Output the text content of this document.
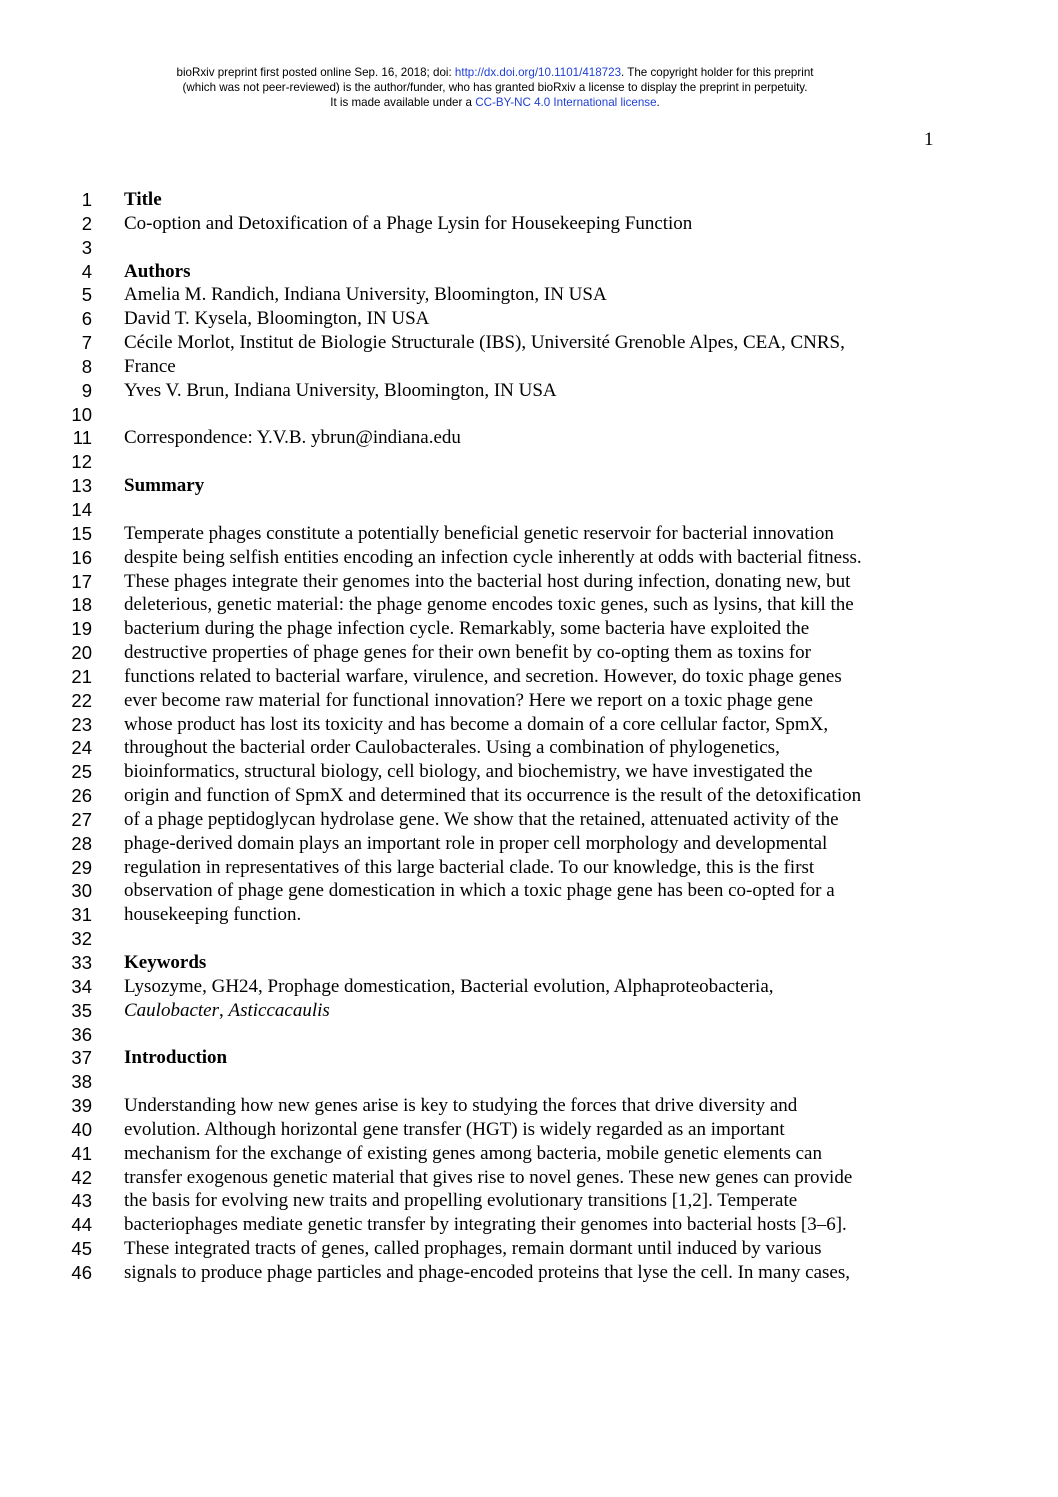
bioRxiv preprint first posted online Sep. 16, 2018; doi: http://dx.doi.org/10.1101/418723. The copyright holder for this preprint
(which was not peer-reviewed) is the author/funder, who has granted bioRxiv a license to display the preprint in perpetuity.
It is made available under a CC-BY-NC 4.0 International license.
1
1 Title
2 Co-option and Detoxification of a Phage Lysin for Housekeeping Function
3
4 Authors
5 Amelia M. Randich, Indiana University, Bloomington, IN USA
6 David T. Kysela, Bloomington, IN USA
7 Cécile Morlot, Institut de Biologie Structurale (IBS), Université Grenoble Alpes, CEA, CNRS,
8 France
9 Yves V. Brun, Indiana University, Bloomington, IN USA
10
11 Correspondence: Y.V.B. ybrun@indiana.edu
12
13 Summary
14
15 Temperate phages constitute a potentially beneficial genetic reservoir for bacterial innovation
16 despite being selfish entities encoding an infection cycle inherently at odds with bacterial fitness.
17 These phages integrate their genomes into the bacterial host during infection, donating new, but
18 deleterious, genetic material: the phage genome encodes toxic genes, such as lysins, that kill the
19 bacterium during the phage infection cycle. Remarkably, some bacteria have exploited the
20 destructive properties of phage genes for their own benefit by co-opting them as toxins for
21 functions related to bacterial warfare, virulence, and secretion. However, do toxic phage genes
22 ever become raw material for functional innovation? Here we report on a toxic phage gene
23 whose product has lost its toxicity and has become a domain of a core cellular factor, SpmX,
24 throughout the bacterial order Caulobacterales. Using a combination of phylogenetics,
25 bioinformatics, structural biology, cell biology, and biochemistry, we have investigated the
26 origin and function of SpmX and determined that its occurrence is the result of the detoxification
27 of a phage peptidoglycan hydrolase gene. We show that the retained, attenuated activity of the
28 phage-derived domain plays an important role in proper cell morphology and developmental
29 regulation in representatives of this large bacterial clade. To our knowledge, this is the first
30 observation of phage gene domestication in which a toxic phage gene has been co-opted for a
31 housekeeping function.
32
33 Keywords
34 Lysozyme, GH24, Prophage domestication, Bacterial evolution, Alphaproteobacteria,
35 Caulobacter, Asticcacaulis
36
37 Introduction
38
39 Understanding how new genes arise is key to studying the forces that drive diversity and
40 evolution. Although horizontal gene transfer (HGT) is widely regarded as an important
41 mechanism for the exchange of existing genes among bacteria, mobile genetic elements can
42 transfer exogenous genetic material that gives rise to novel genes. These new genes can provide
43 the basis for evolving new traits and propelling evolutionary transitions [1,2]. Temperate
44 bacteriophages mediate genetic transfer by integrating their genomes into bacterial hosts [3–6].
45 These integrated tracts of genes, called prophages, remain dormant until induced by various
46 signals to produce phage particles and phage-encoded proteins that lyse the cell. In many cases,
